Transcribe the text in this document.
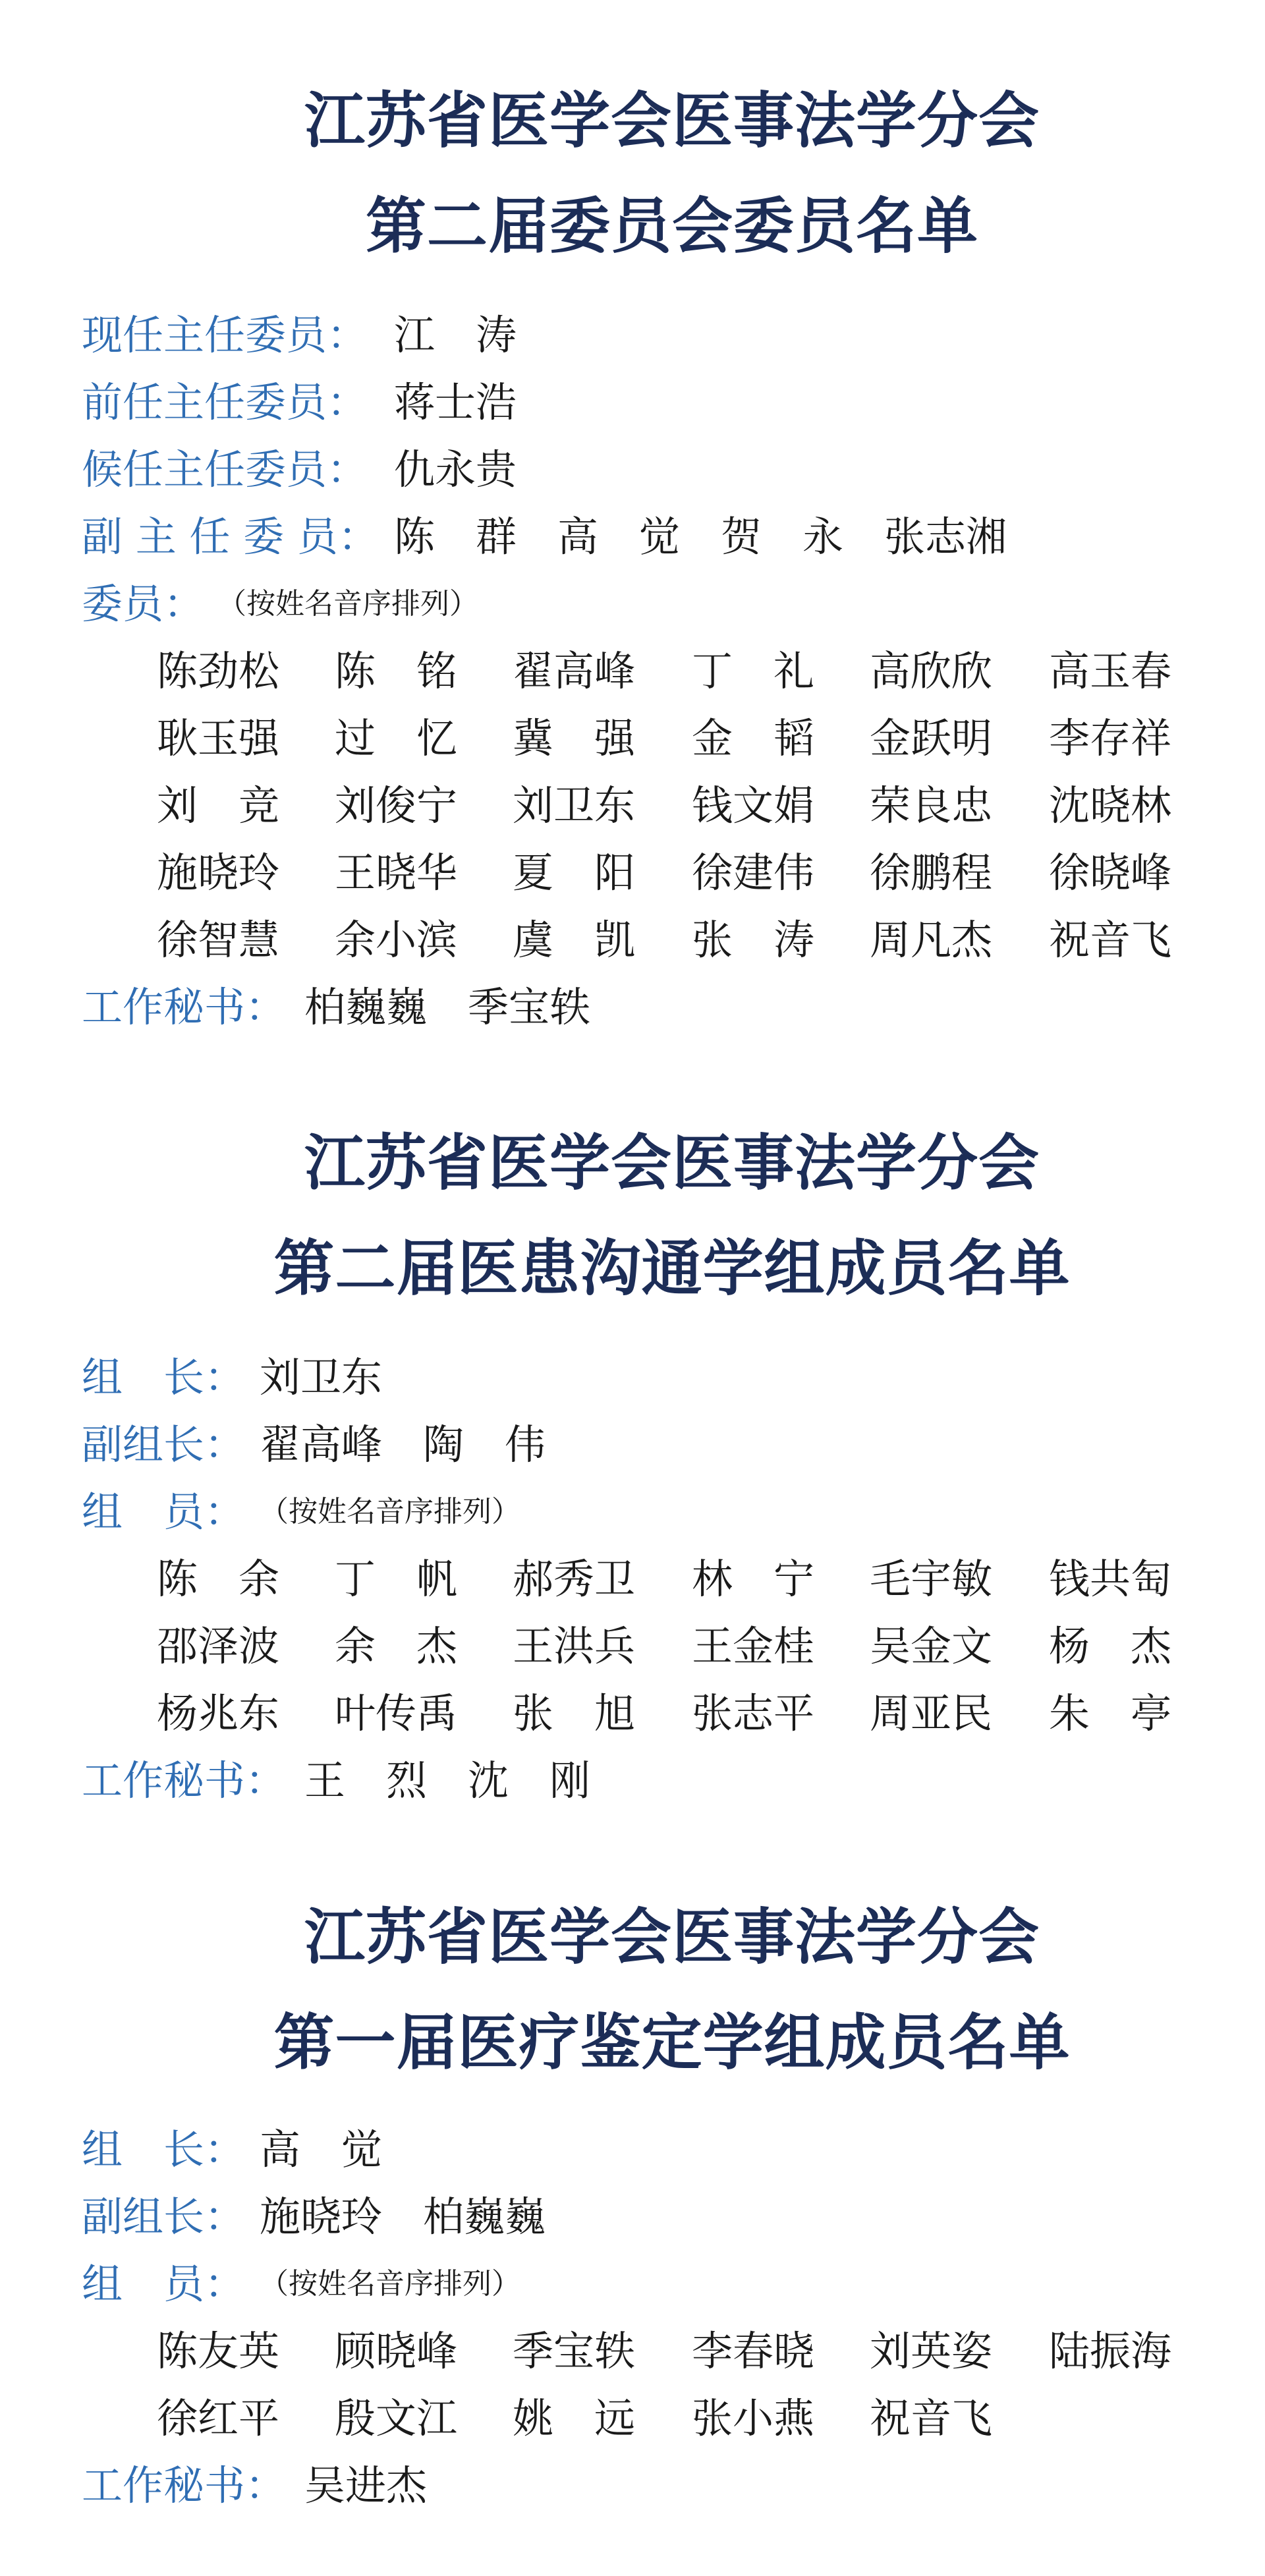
江苏省医学会医事法学分会
第二届委员会委员名单
现任主任委员： 江　涛
前任主任委员： 蒋士浩
候任主任委员： 仇永贵
副 主 任 委 员： 陈　群　高　觉　贺　永　张志湘
委员： （按姓名音序排列）
陈劲松 陈　铭 翟高峰 丁　礼 高欣欣 高玉春
耿玉强 过　忆 冀　强 金　韬 金跃明 李存祥
刘　竞 刘俊宁 刘卫东 钱文娟 荣良忠 沈晓林
施晓玲 王晓华 夏　阳 徐建伟 徐鹏程 徐晓峰
徐智慧 余小滨 虞　凯 张　涛 周凡杰 祝音飞
工作秘书： 柏巍巍　季宝轶
江苏省医学会医事法学分会
第二届医患沟通学组成员名单
组　长： 刘卫东
副组长： 翟高峰　陶　伟
组　员： （按姓名音序排列）
陈　余 丁　帆 郝秀卫 林　宁 毛宇敏 钱共匋
邵泽波 余　杰 王洪兵 王金桂 吴金文 杨　杰
杨兆东 叶传禹 张　旭 张志平 周亚民 朱　亭
工作秘书： 王　烈　沈　刚
江苏省医学会医事法学分会
第一届医疗鉴定学组成员名单
组　长： 高　觉
副组长： 施晓玲　柏巍巍
组　员： （按姓名音序排列）
陈友英 顾晓峰 季宝轶 李春晓 刘英姿 陆振海
徐红平 殷文江 姚　远 张小燕 祝音飞
工作秘书： 吴进杰
